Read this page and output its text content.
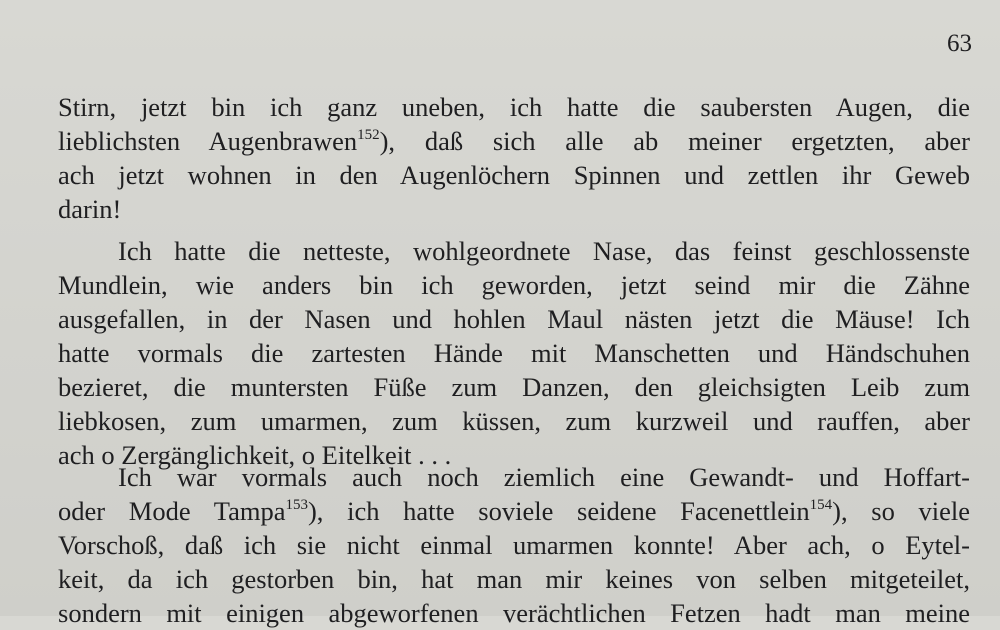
63
Stirn, jetzt bin ich ganz uneben, ich hatte die saubersten Augen, die
lieblichsten Augenbrawen$^{152}$), daß sich alle ab meiner ergetzten, aber
ach jetzt wohnen in den Augenlöchern Spinnen und zettlen ihr Geweb
darin!
Ich hatte die netteste, wohlgeordnete Nase, das feinst geschlossenste
Mundlein, wie anders bin ich geworden, jetzt seind mir die Zähne
ausgefallen, in der Nasen und hohlen Maul nästen jetzt die Mäuse! Ich
hatte vormals die zartesten Hände mit Manschetten und Händschuhen
bezieret, die muntersten Füße zum Danzen, den gleichsigten Leib zum
liebkosen, zum umarmen, zum küssen, zum kurzweil und rauffen, aber
ach o Zergänglichkeit, o Eitelkeit . . .
Ich war vormals auch noch ziemlich eine Gewandt- und Hoffart-
oder Mode Tampa$^{153}$), ich hatte soviele seidene Facenettlein$^{154}$), so viele
Vorschoß, daß ich sie nicht einmal umarmen konnte! Aber ach, o Eytel-
keit, da ich gestorben bin, hat man mir keines von selben mitgeteilet,
sondern mit einigen abgeworfenen verächtlichen Fetzen hadt man meine
